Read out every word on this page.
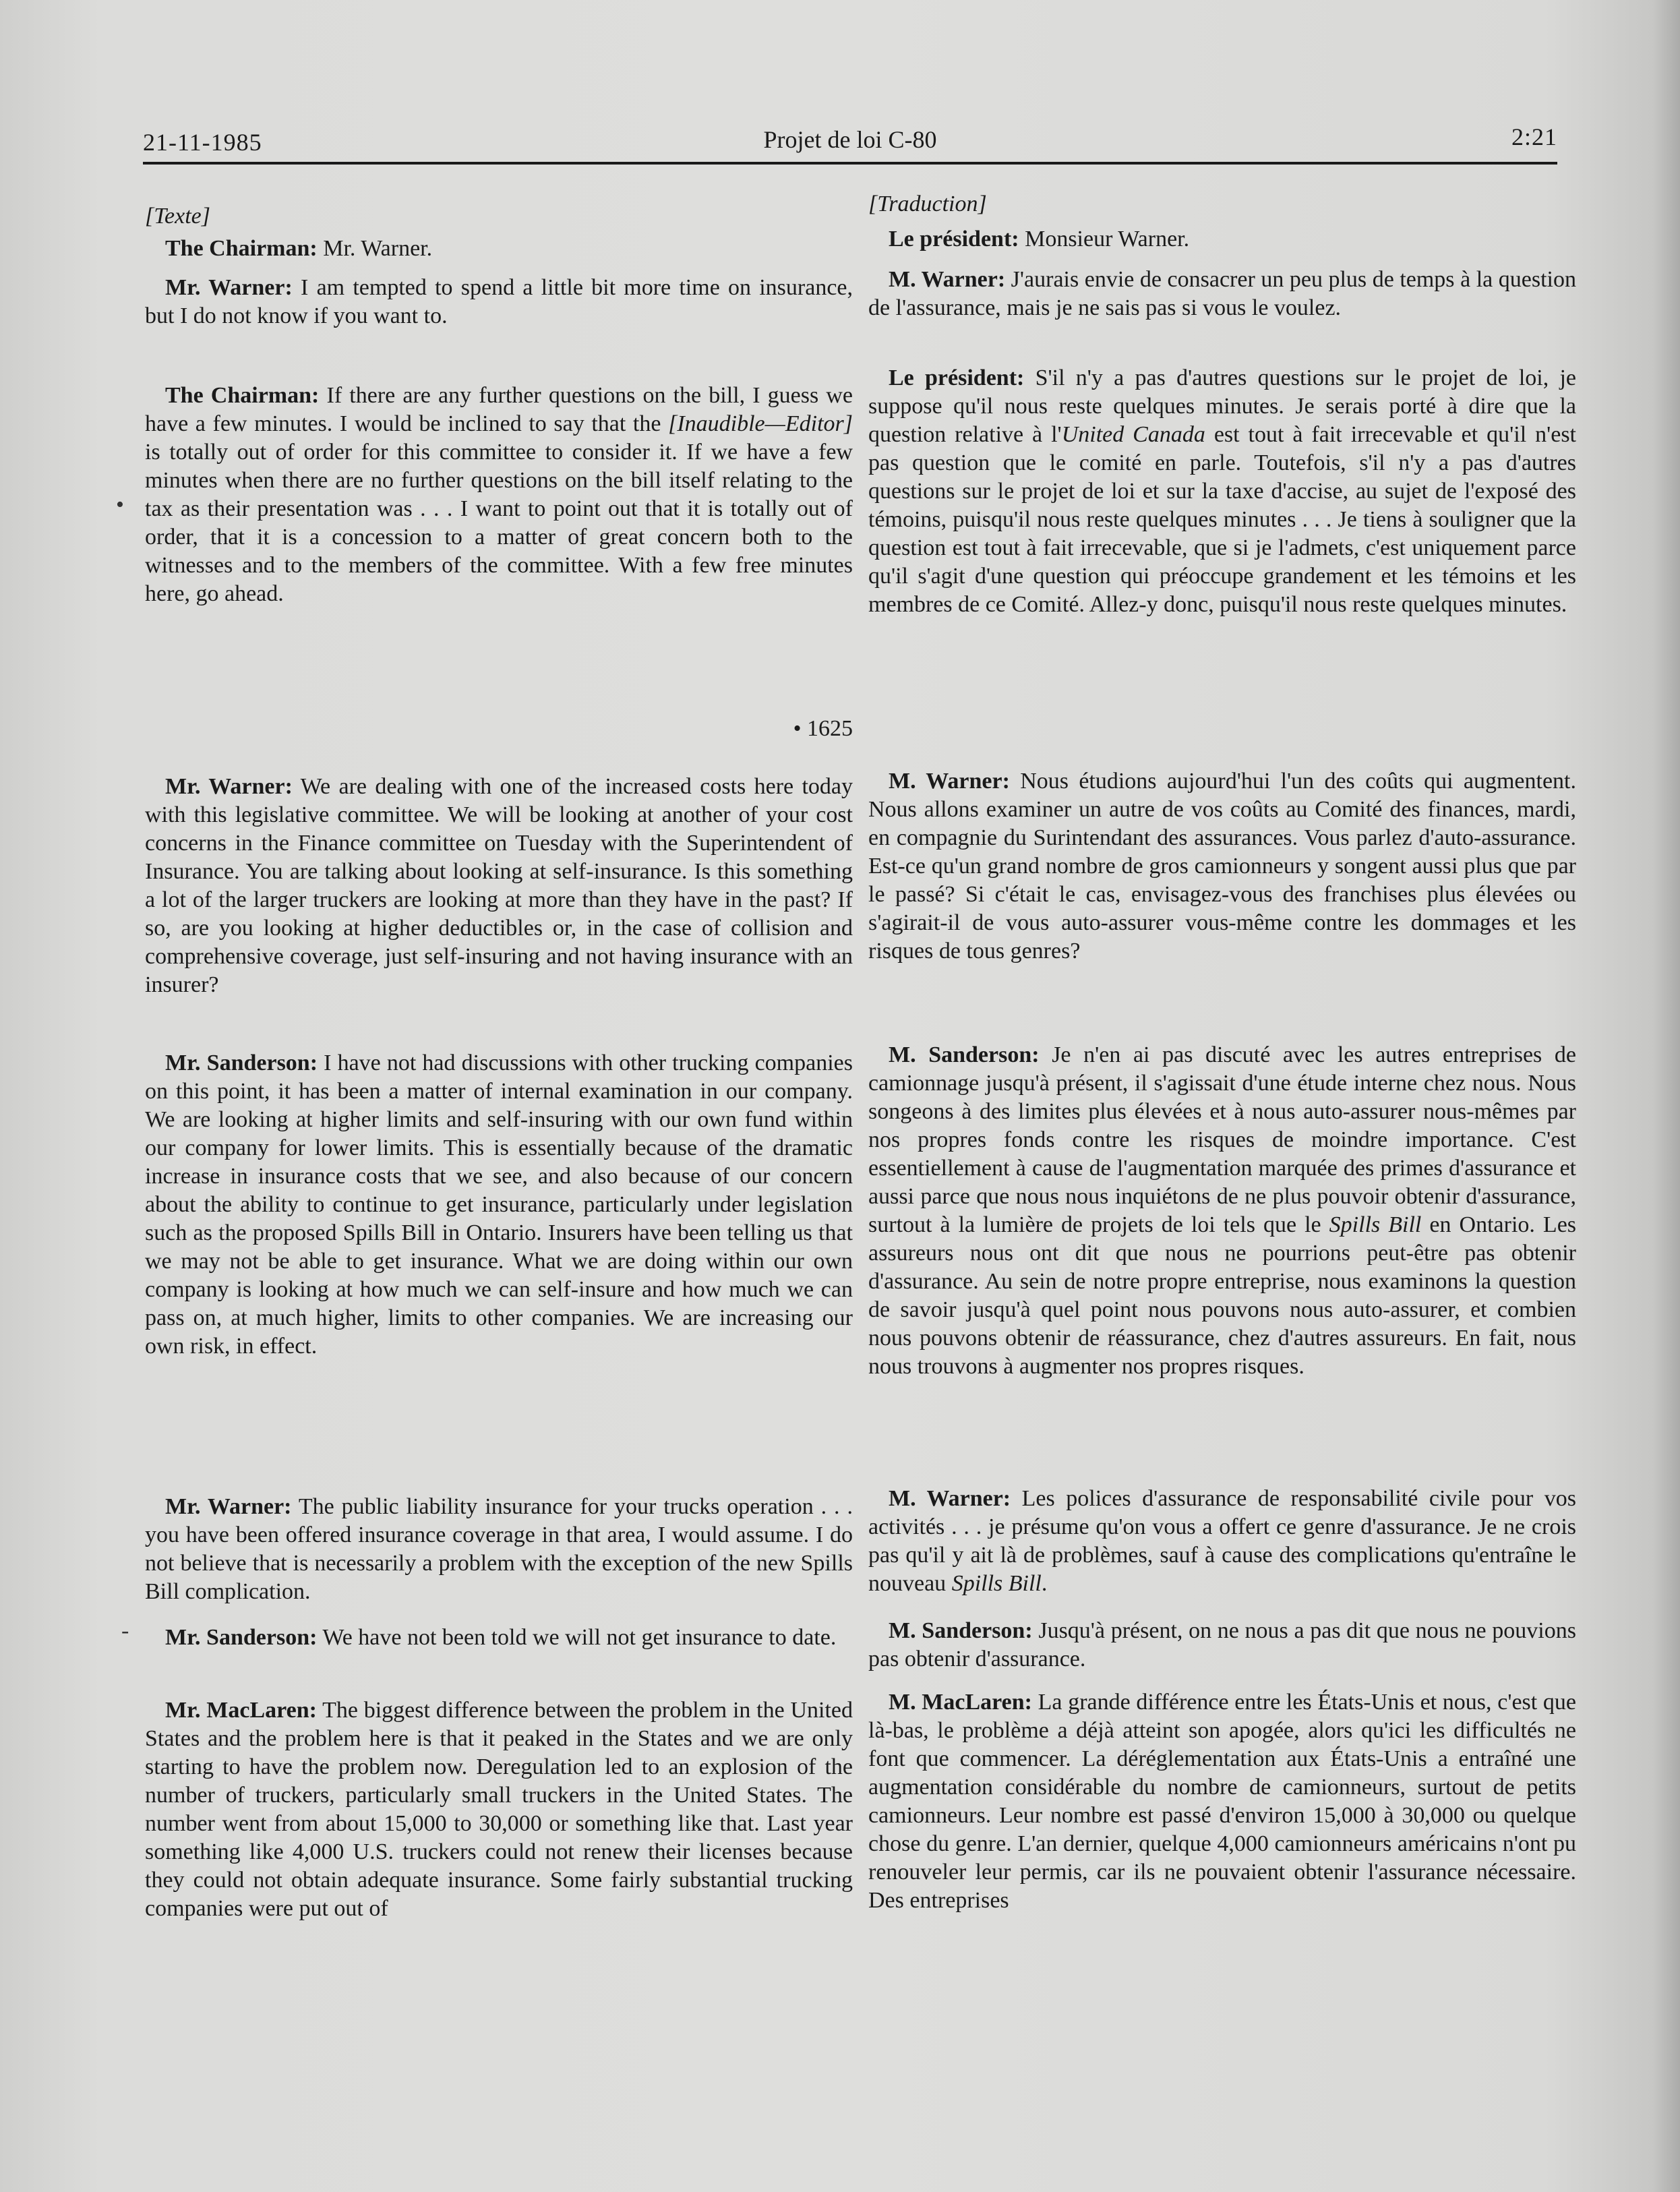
21-11-1985	Projet de loi C-80	2:21

[Texte]

The Chairman: Mr. Warner.

Mr. Warner: I am tempted to spend a little bit more time on insurance, but I do not know if you want to.

The Chairman: If there are any further questions on the bill, I guess we have a few minutes. I would be inclined to say that the [Inaudible—Editor] is totally out of order for this committee to consider it. If we have a few minutes when there are no further questions on the bill itself relating to the tax as their presentation was . . . I want to point out that it is totally out of order, that it is a concession to a matter of great concern both to the witnesses and to the members of the committee. With a few free minutes here, go ahead.

• 1625

Mr. Warner: We are dealing with one of the increased costs here today with this legislative committee. We will be looking at another of your cost concerns in the Finance committee on Tuesday with the Superintendent of Insurance. You are talking about looking at self-insurance. Is this something a lot of the larger truckers are looking at more than they have in the past? If so, are you looking at higher deductibles or, in the case of collision and comprehensive coverage, just self-insuring and not having insurance with an insurer?

Mr. Sanderson: I have not had discussions with other trucking companies on this point, it has been a matter of internal examination in our company. We are looking at higher limits and self-insuring with our own fund within our company for lower limits. This is essentially because of the dramatic increase in insurance costs that we see, and also because of our concern about the ability to continue to get insurance, particularly under legislation such as the proposed Spills Bill in Ontario. Insurers have been telling us that we may not be able to get insurance. What we are doing within our own company is looking at how much we can self-insure and how much we can pass on, at much higher, limits to other companies. We are increasing our own risk, in effect.

Mr. Warner: The public liability insurance for your trucks operation . . . you have been offered insurance coverage in that area, I would assume. I do not believe that is necessarily a problem with the exception of the new Spills Bill complication.

Mr. Sanderson: We have not been told we will not get insurance to date.

Mr. MacLaren: The biggest difference between the problem in the United States and the problem here is that it peaked in the States and we are only starting to have the problem now. Deregulation led to an explosion of the number of truckers, particularly small truckers in the United States. The number went from about 15,000 to 30,000 or something like that. Last year something like 4,000 U.S. truckers could not renew their licenses because they could not obtain adequate insurance. Some fairly substantial trucking companies were put out of

•
-

[Traduction]

Le président: Monsieur Warner.

M. Warner: J'aurais envie de consacrer un peu plus de temps à la question de l'assurance, mais je ne sais pas si vous le voulez.

Le président: S'il n'y a pas d'autres questions sur le projet de loi, je suppose qu'il nous reste quelques minutes. Je serais porté à dire que la question relative à l'United Canada est tout à fait irrecevable et qu'il n'est pas question que le comité en parle. Toutefois, s'il n'y a pas d'autres questions sur le projet de loi et sur la taxe d'accise, au sujet de l'exposé des témoins, puisqu'il nous reste quelques minutes . . . Je tiens à souligner que la question est tout à fait irrecevable, que si je l'admets, c'est uniquement parce qu'il s'agit d'une question qui préoccupe grandement et les témoins et les membres de ce Comité. Allez-y donc, puisqu'il nous reste quelques minutes.

M. Warner: Nous étudions aujourd'hui l'un des coûts qui augmentent. Nous allons examiner un autre de vos coûts au Comité des finances, mardi, en compagnie du Surintendant des assurances. Vous parlez d'auto-assurance. Est-ce qu'un grand nombre de gros camionneurs y songent aussi plus que par le passé? Si c'était le cas, envisagez-vous des franchises plus élevées ou s'agirait-il de vous auto-assurer vous-même contre les dommages et les risques de tous genres?

M. Sanderson: Je n'en ai pas discuté avec les autres entreprises de camionnage jusqu'à présent, il s'agissait d'une étude interne chez nous. Nous songeons à des limites plus élevées et à nous auto-assurer nous-mêmes par nos propres fonds contre les risques de moindre importance. C'est essentiellement à cause de l'augmentation marquée des primes d'assurance et aussi parce que nous nous inquiétons de ne plus pouvoir obtenir d'assurance, surtout à la lumière de projets de loi tels que le Spills Bill en Ontario. Les assureurs nous ont dit que nous ne pourrions peut-être pas obtenir d'assurance. Au sein de notre propre entreprise, nous examinons la question de savoir jusqu'à quel point nous pouvons nous auto-assurer, et combien nous pouvons obtenir de réassurance, chez d'autres assureurs. En fait, nous nous trouvons à augmenter nos propres risques.

M. Warner: Les polices d'assurance de responsabilité civile pour vos activités . . . je présume qu'on vous a offert ce genre d'assurance. Je ne crois pas qu'il y ait là de problèmes, sauf à cause des complications qu'entraîne le nouveau Spills Bill.

M. Sanderson: Jusqu'à présent, on ne nous a pas dit que nous ne pouvions pas obtenir d'assurance.

M. MacLaren: La grande différence entre les États-Unis et nous, c'est que là-bas, le problème a déjà atteint son apogée, alors qu'ici les difficultés ne font que commencer. La déréglementation aux États-Unis a entraîné une augmentation considérable du nombre de camionneurs, surtout de petits camionneurs. Leur nombre est passé d'environ 15,000 à 30,000 ou quelque chose du genre. L'an dernier, quelque 4,000 camionneurs américains n'ont pu renouveler leur permis, car ils ne pouvaient obtenir l'assurance nécessaire. Des entreprises
